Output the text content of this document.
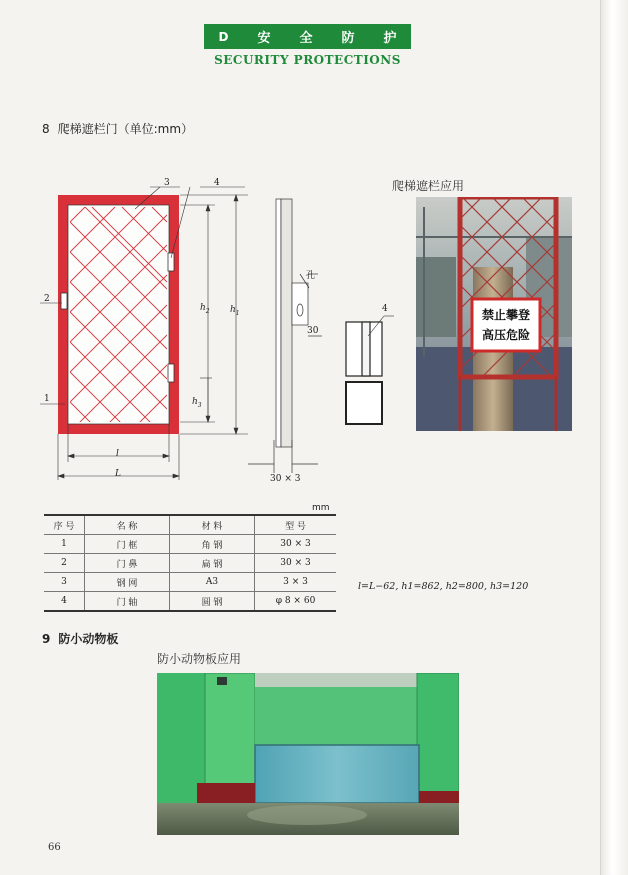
D 安 全 防 护
SECURITY PROTECTIONS
8 爬梯遮栏门（单位:mm）
1
2
3	4
$h_1$
$h_2$
$h_3$
l
L
孔
30
30 × 3
4
爬梯遮栏应用
禁止攀登
高压危险
mm
序 号	名 称	材 料	型 号
1	门 框	角 钢	30 × 3
2	门 鼻	扁 钢	30 × 3
3	钢 网	A3	3 × 3
4	门 轴	圆 钢	φ 8 × 60
l=L−62, h1=862, h2=800, h3=120
9 防小动物板
防小动物板应用
66
